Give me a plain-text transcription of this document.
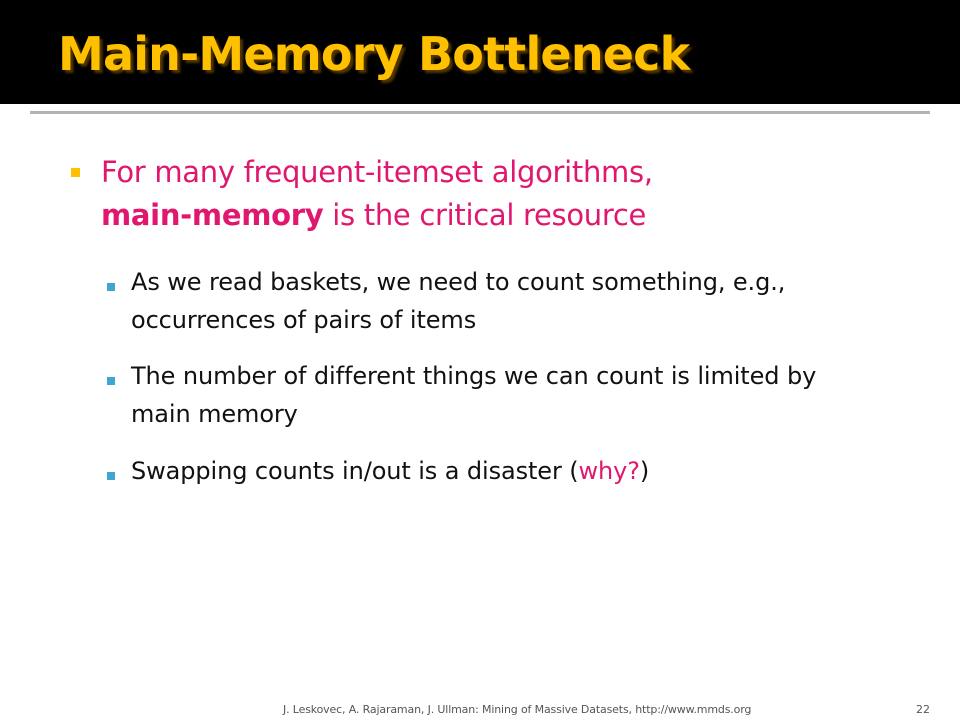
Main-Memory Bottleneck
For many frequent-itemset algorithms,
main-memory is the critical resource

As we read baskets, we need to count something, e.g., occurrences of pairs of items

The number of different things we can count is limited by main memory

Swapping counts in/out is a disaster (why?)

J. Leskovec, A. Rajaraman, J. Ullman: Mining of Massive Datasets, http://www.mmds.org	22
